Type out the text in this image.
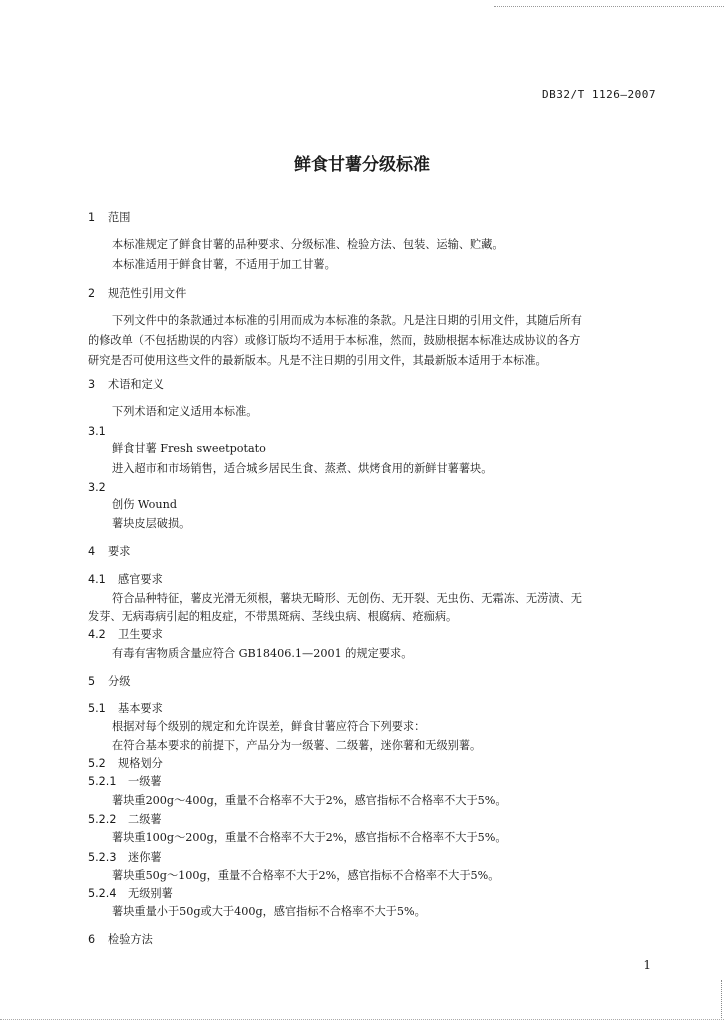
DB32/T 1126—2007
鲜食甘薯分级标准
1 范围
本标准规定了鲜食甘薯的品种要求、分级标准、检验方法、包装、运输、贮藏。
本标准适用于鲜食甘薯，不适用于加工甘薯。
2 规范性引用文件
下列文件中的条款通过本标准的引用而成为本标准的条款。凡是注日期的引用文件，其随后所有
的修改单（不包括勘误的内容）或修订版均不适用于本标准，然而，鼓励根据本标准达成协议的各方
研究是否可使用这些文件的最新版本。凡是不注日期的引用文件，其最新版本适用于本标准。
3 术语和定义
下列术语和定义适用本标准。
3.1
鲜食甘薯 Fresh sweetpotato
进入超市和市场销售，适合城乡居民生食、蒸煮、烘烤食用的新鲜甘薯薯块。
3.2
创伤 Wound
薯块皮层破损。
4 要求
4.1 感官要求
符合品种特征，薯皮光滑无须根，薯块无畸形、无创伤、无开裂、无虫伤、无霜冻、无涝渍、无
发芽、无病毒病引起的粗皮症，不带黑斑病、茎线虫病、根腐病、疮痂病。
4.2 卫生要求
有毒有害物质含量应符合 GB18406.1—2001 的规定要求。
5 分级
5.1 基本要求
根据对每个级别的规定和允许误差，鲜食甘薯应符合下列要求：
在符合基本要求的前提下，产品分为一级薯、二级薯，迷你薯和无级别薯。
5.2 规格划分
5.2.1 一级薯
薯块重200g～400g，重量不合格率不大于2%，感官指标不合格率不大于5%。
5.2.2 二级薯
薯块重100g～200g，重量不合格率不大于2%，感官指标不合格率不大于5%。
5.2.3 迷你薯
薯块重50g～100g，重量不合格率不大于2%，感官指标不合格率不大于5%。
5.2.4 无级别薯
薯块重量小于50g或大于400g，感官指标不合格率不大于5%。
6 检验方法
1
